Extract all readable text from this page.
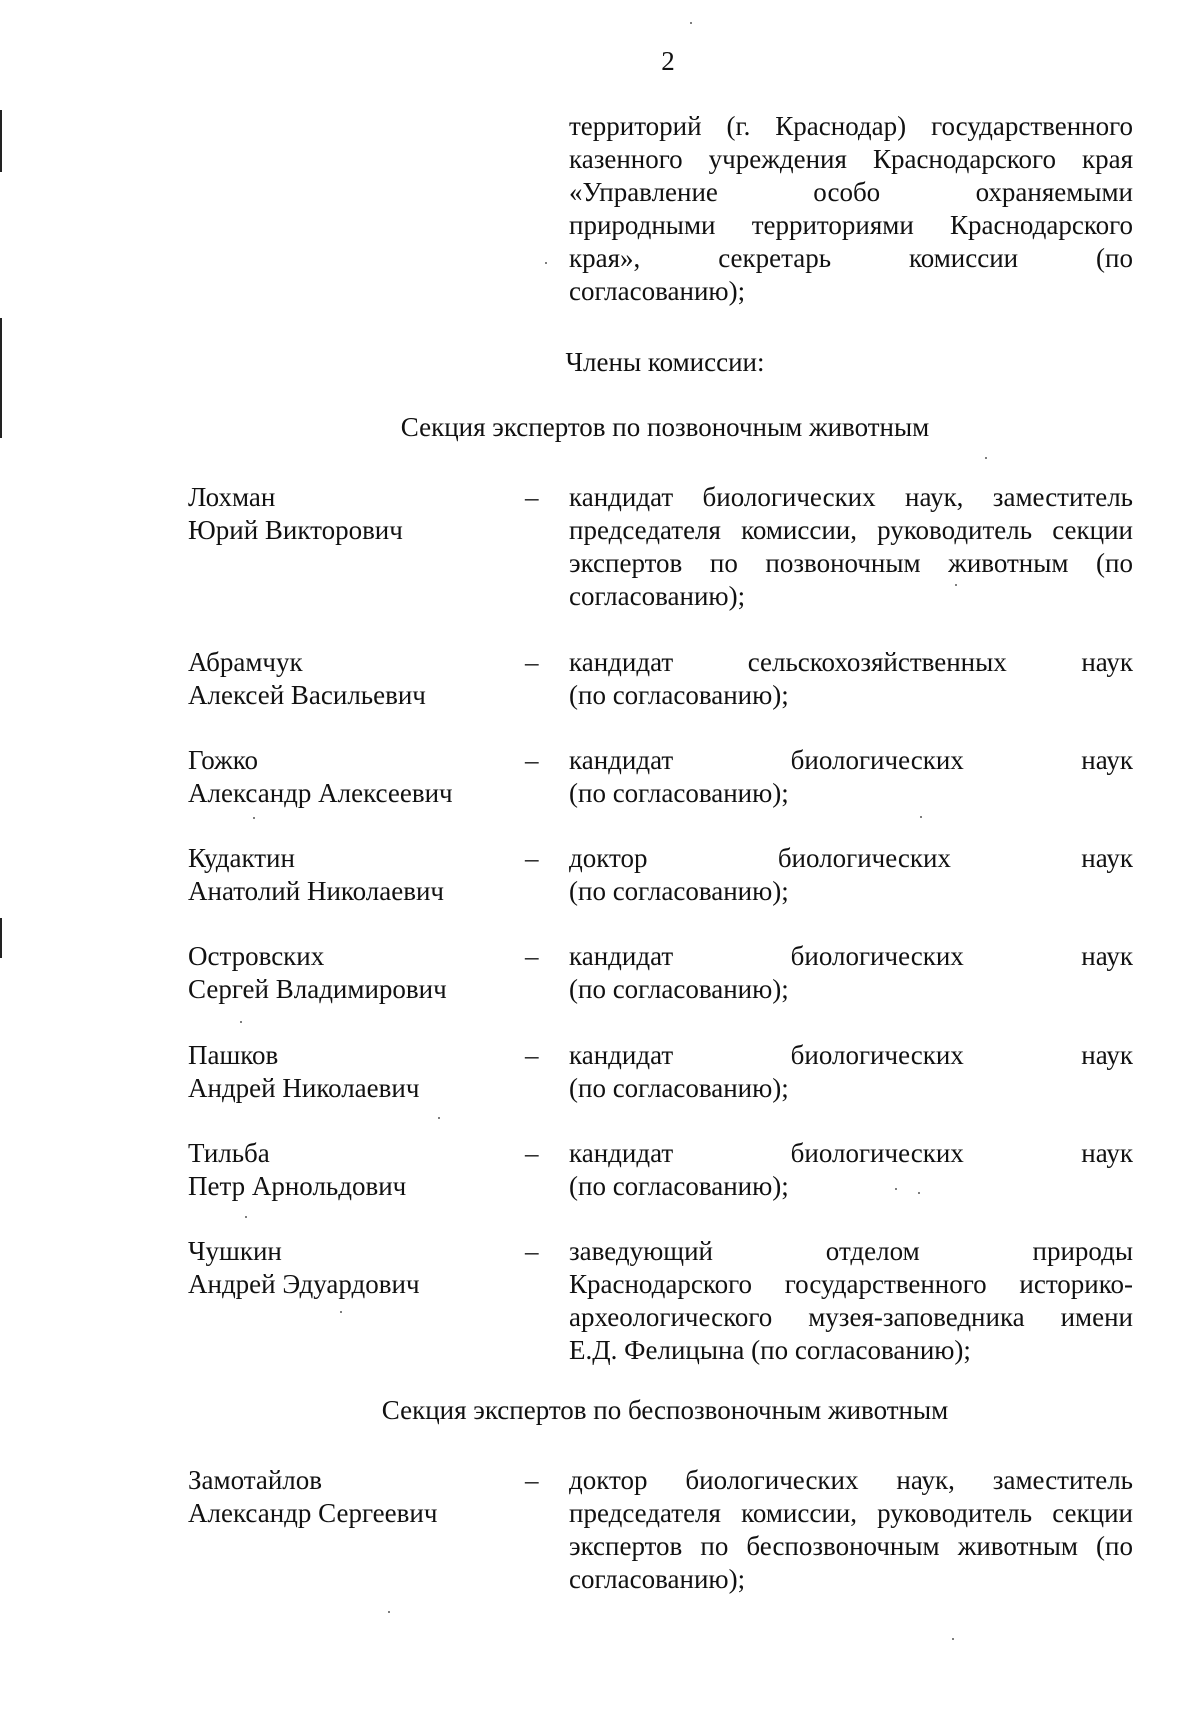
2
территорий (г. Краснодар) государственного
казенного учреждения Краснодарского края
«Управление особо охраняемыми
природными территориями Краснодарского
края», секретарь комиссии (по
согласованию);
Члены комиссии:
Секция экспертов по позвоночным животным
Лохман
Юрий Викторович
– кандидат биологических наук, заместитель
председателя комиссии, руководитель секции
экспертов по позвоночным животным (по
согласованию);
Абрамчук
Алексей Васильевич
– кандидат сельскохозяйственных наук
(по согласованию);
Гожко
Александр Алексеевич
– кандидат биологических наук
(по согласованию);
Кудактин
Анатолий Николаевич
– доктор биологических наук
(по согласованию);
Островских
Сергей Владимирович
– кандидат биологических наук
(по согласованию);
Пашков
Андрей Николаевич
– кандидат биологических наук
(по согласованию);
Тильба
Петр Арнольдович
– кандидат биологических наук
(по согласованию);
Чушкин
Андрей Эдуардович
– заведующий отделом природы
Краснодарского государственного историко-
археологического музея-заповедника имени
Е.Д. Фелицына (по согласованию);
Секция экспертов по беспозвоночным животным
Замотайлов
Александр Сергеевич
– доктор биологических наук, заместитель
председателя комиссии, руководитель секции
экспертов по беспозвоночным животным (по
согласованию);
